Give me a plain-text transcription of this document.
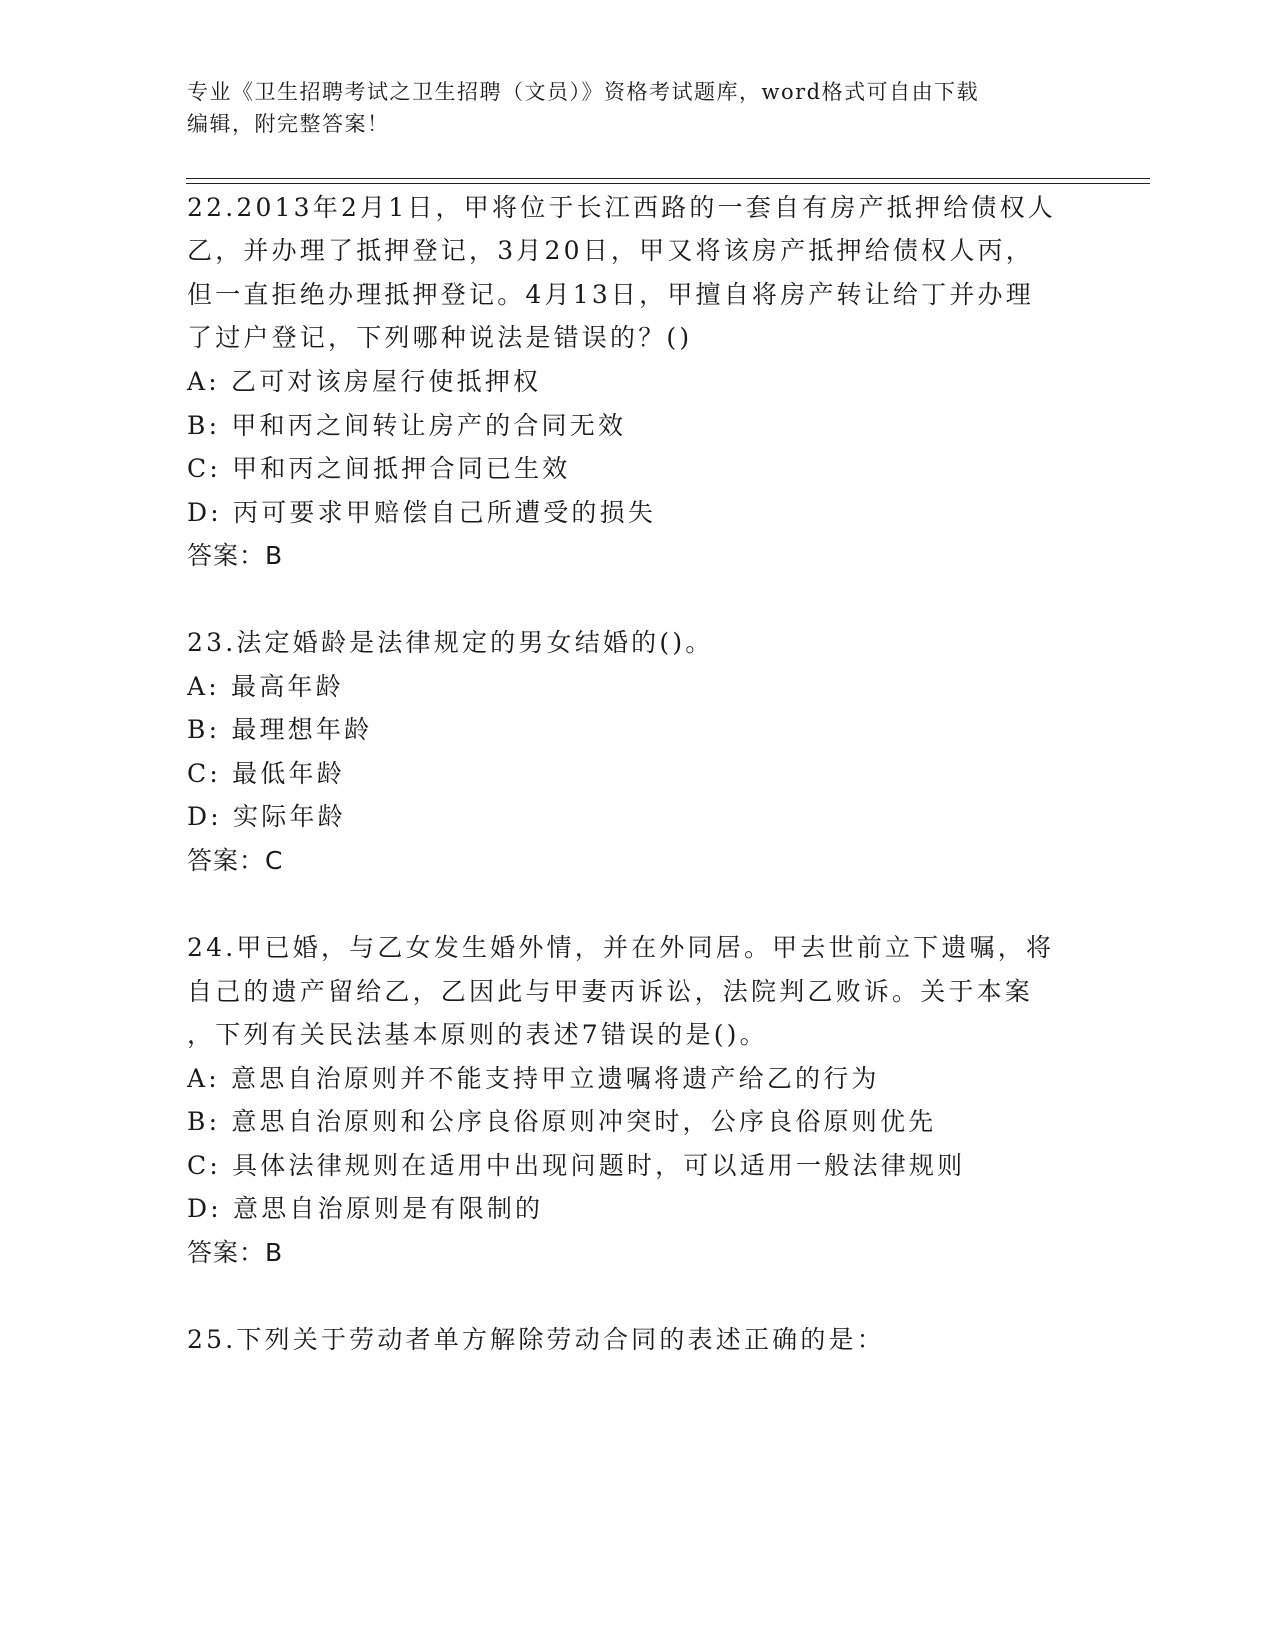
专业《卫生招聘考试之卫生招聘（文员）》资格考试题库，word格式可自由下载
编辑，附完整答案！
22.2013年2月1日，甲将位于长江西路的一套自有房产抵押给债权人
乙，并办理了抵押登记，3月20日，甲又将该房产抵押给债权人丙，
但一直拒绝办理抵押登记。4月13日，甲擅自将房产转让给丁并办理
了过户登记，下列哪种说法是错误的？()
A: 乙可对该房屋行使抵押权
B: 甲和丙之间转让房产的合同无效
C: 甲和丙之间抵押合同已生效
D: 丙可要求甲赔偿自己所遭受的损失
答案：B
23.法定婚龄是法律规定的男女结婚的()。
A: 最高年龄
B: 最理想年龄
C: 最低年龄
D: 实际年龄
答案：C
24.甲已婚，与乙女发生婚外情，并在外同居。甲去世前立下遗嘱，将
自己的遗产留给乙，乙因此与甲妻丙诉讼，法院判乙败诉。关于本案
，下列有关民法基本原则的表述7错误的是()。
A: 意思自治原则并不能支持甲立遗嘱将遗产给乙的行为
B: 意思自治原则和公序良俗原则冲突时，公序良俗原则优先
C: 具体法律规则在适用中出现问题时，可以适用一般法律规则
D: 意思自治原则是有限制的
答案：B
25.下列关于劳动者单方解除劳动合同的表述正确的是：
